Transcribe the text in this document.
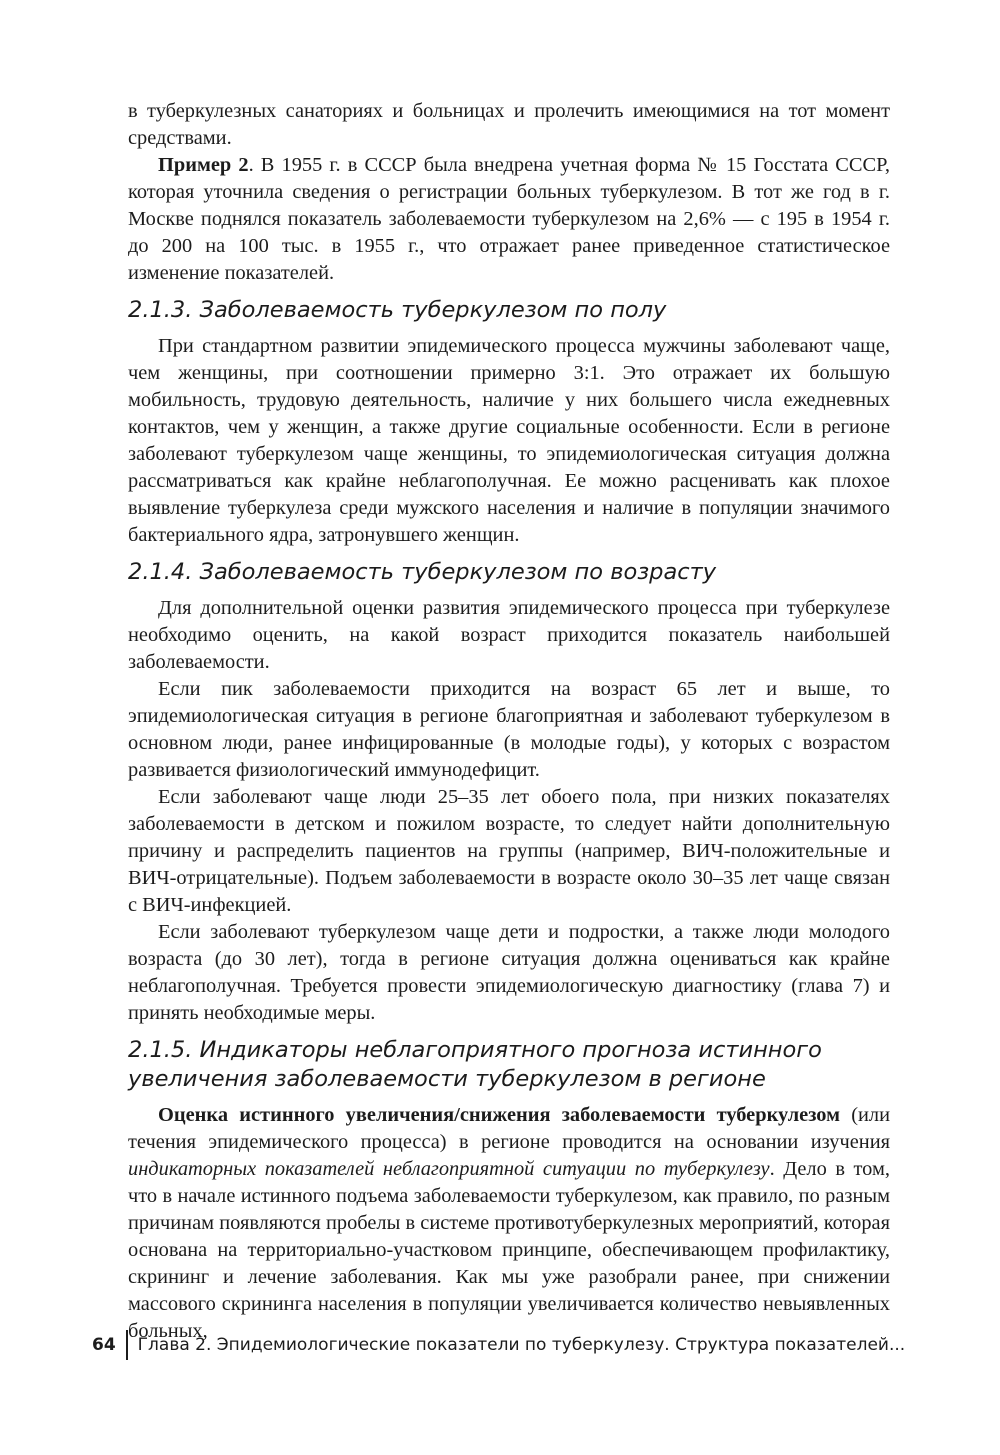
в туберкулезных санаториях и больницах и пролечить имеющимися на тот момент средствами.

Пример 2. В 1955 г. в СССР была внедрена учетная форма № 15 Госстата СССР, которая уточнила сведения о регистрации больных туберкулезом. В тот же год в г. Москве поднялся показатель заболеваемости туберкулезом на 2,6% — с 195 в 1954 г. до 200 на 100 тыс. в 1955 г., что отражает ранее приведенное статистическое изменение показателей.

2.1.3. Заболеваемость туберкулезом по полу

При стандартном развитии эпидемического процесса мужчины заболевают чаще, чем женщины, при соотношении примерно 3:1. Это отражает их большую мобильность, трудовую деятельность, наличие у них большего числа ежедневных контактов, чем у женщин, а также другие социальные особенности. Если в регионе заболевают туберкулезом чаще женщины, то эпидемиологическая ситуация должна рассматриваться как крайне неблагополучная. Ее можно расценивать как плохое выявление туберкулеза среди мужского населения и наличие в популяции значимого бактериального ядра, затронувшего женщин.

2.1.4. Заболеваемость туберкулезом по возрасту

Для дополнительной оценки развития эпидемического процесса при туберкулезе необходимо оценить, на какой возраст приходится показатель наибольшей заболеваемости.

Если пик заболеваемости приходится на возраст 65 лет и выше, то эпидемиологическая ситуация в регионе благоприятная и заболевают туберкулезом в основном люди, ранее инфицированные (в молодые годы), у которых с возрастом развивается физиологический иммунодефицит.

Если заболевают чаще люди 25–35 лет обоего пола, при низких показателях заболеваемости в детском и пожилом возрасте, то следует найти дополнительную причину и распределить пациентов на группы (например, ВИЧ-положительные и ВИЧ-отрицательные). Подъем заболеваемости в возрасте около 30–35 лет чаще связан с ВИЧ-инфекцией.

Если заболевают туберкулезом чаще дети и подростки, а также люди молодого возраста (до 30 лет), тогда в регионе ситуация должна оцениваться как крайне неблагополучная. Требуется провести эпидемиологическую диагностику (глава 7) и принять необходимые меры.

2.1.5. Индикаторы неблагоприятного прогноза истинного
увеличения заболеваемости туберкулезом в регионе

Оценка истинного увеличения/снижения заболеваемости туберкулезом (или течения эпидемического процесса) в регионе проводится на основании изучения индикаторных показателей неблагоприятной ситуации по туберкулезу. Дело в том, что в начале истинного подъема заболеваемости туберкулезом, как правило, по разным причинам появляются пробелы в системе противотуберкулезных мероприятий, которая основана на территориально-участковом принципе, обеспечивающем профилактику, скрининг и лечение заболевания. Как мы уже разобрали ранее, при снижении массового скрининга населения в популяции увеличивается количество невыявленных больных,

64 Глава 2. Эпидемиологические показатели по туберкулезу. Структура показателей...
